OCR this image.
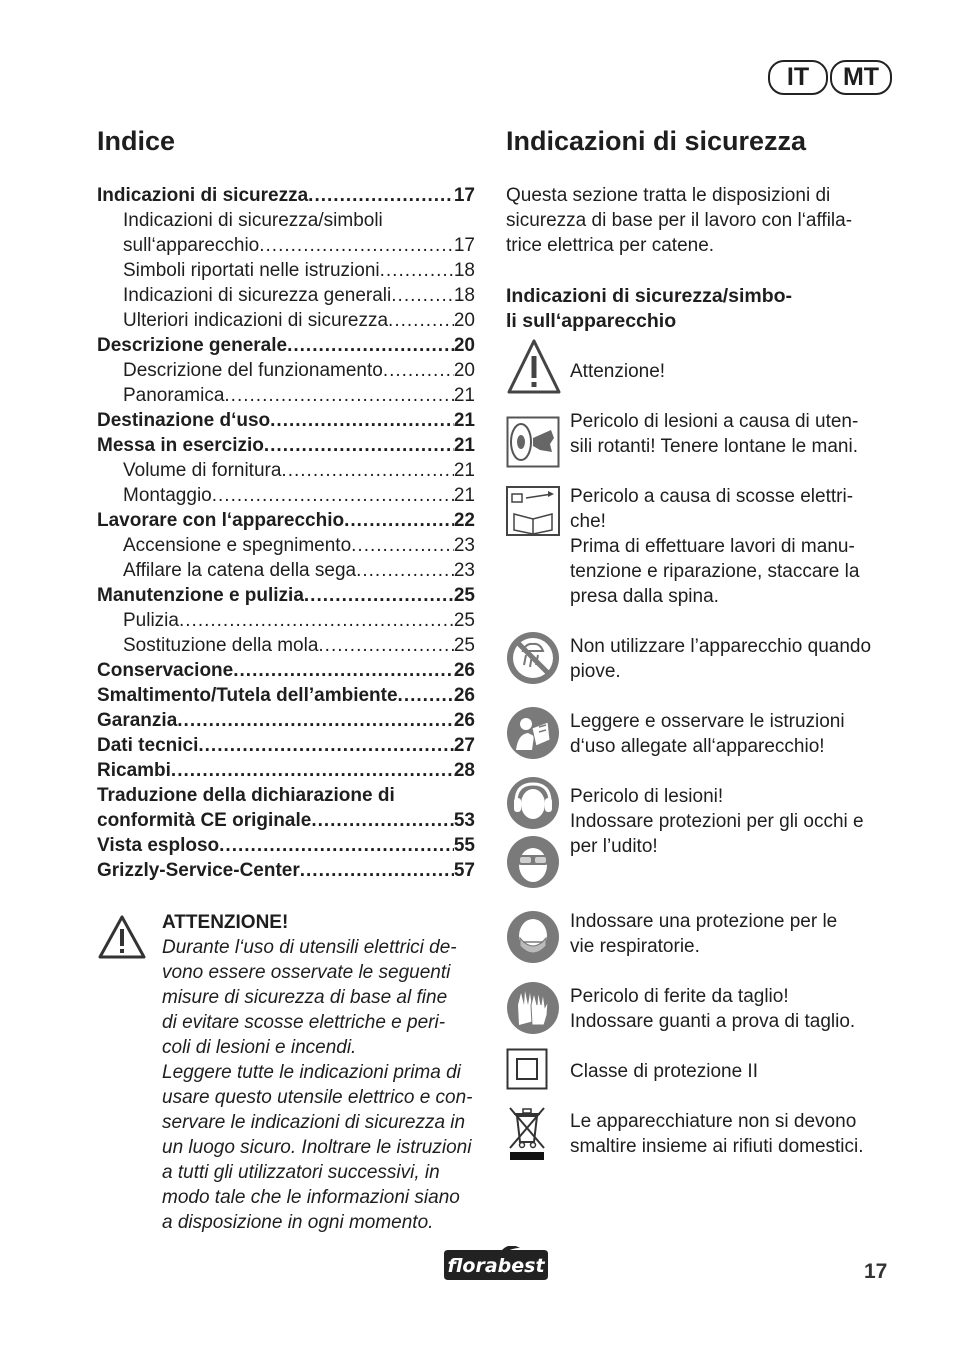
IT	MT
Indice
Indicazioni di sicurezza .....	17
Indicazioni di sicurezza/simboli
sull‘apparecchio .....	17
Simboli riportati nelle istruzioni .....	18
Indicazioni di sicurezza generali .....	18
Ulteriori indicazioni di sicurezza .....	20
Descrizione generale .....	20
Descrizione del funzionamento .....	20
Panoramica .....	21
Destinazione d‘uso .....	21
Messa in esercizio .....	21
Volume di fornitura .....	21
Montaggio .....	21
Lavorare con l‘apparecchio .....	22
Accensione e spegnimento .....	23
Affilare la catena della sega .....	23
Manutenzione e pulizia .....	25
Pulizia .....	25
Sostituzione della mola .....	25
Conservacione .....	26
Smaltimento/Tutela dell’ambiente .....	26
Garanzia .....	26
Dati tecnici .....	27
Ricambi .....	28
Traduzione della dichiarazione di
conformità CE originale .....	53
Vista esploso .....	55
Grizzly-Service-Center .....	57
ATTENZIONE!
Durante l‘uso di utensili elettrici de-
vono essere osservate le seguenti
misure di sicurezza di base al fine
di evitare scosse elettriche e peri-
coli di lesioni e incendi.
Leggere tutte le indicazioni prima di
usare questo utensile elettrico e con-
servare le indicazioni di sicurezza in
un luogo sicuro. Inoltrare le istruzioni
a tutti gli utilizzatori successivi, in
modo tale che le informazioni siano
a disposizione in ogni momento.
Indicazioni di sicurezza
Questa sezione tratta le disposizioni di
sicurezza di base per il lavoro con l‘affila-
trice elettrica per catene.
Indicazioni di sicurezza/simbo-
li sull‘apparecchio
Attenzione!
Pericolo di lesioni a causa di uten-
sili rotanti! Tenere lontane le mani.
Pericolo a causa di scosse elettri-
che!
Prima di effettuare lavori di manu-
tenzione e riparazione, staccare la
presa dalla spina.
Non utilizzare l’apparecchio quando
piove.
Leggere e osservare le istruzioni
d‘uso allegate all‘apparecchio!
Pericolo di lesioni!
Indossare protezioni per gli occhi e
per l’udito!
Indossare una protezione per le
vie respiratorie.
Pericolo di ferite da taglio!
Indossare guanti a prova di taglio.
Classe di protezione II
Le apparecchiature non si devono
smaltire insieme ai rifiuti domestici.
florabest	17
